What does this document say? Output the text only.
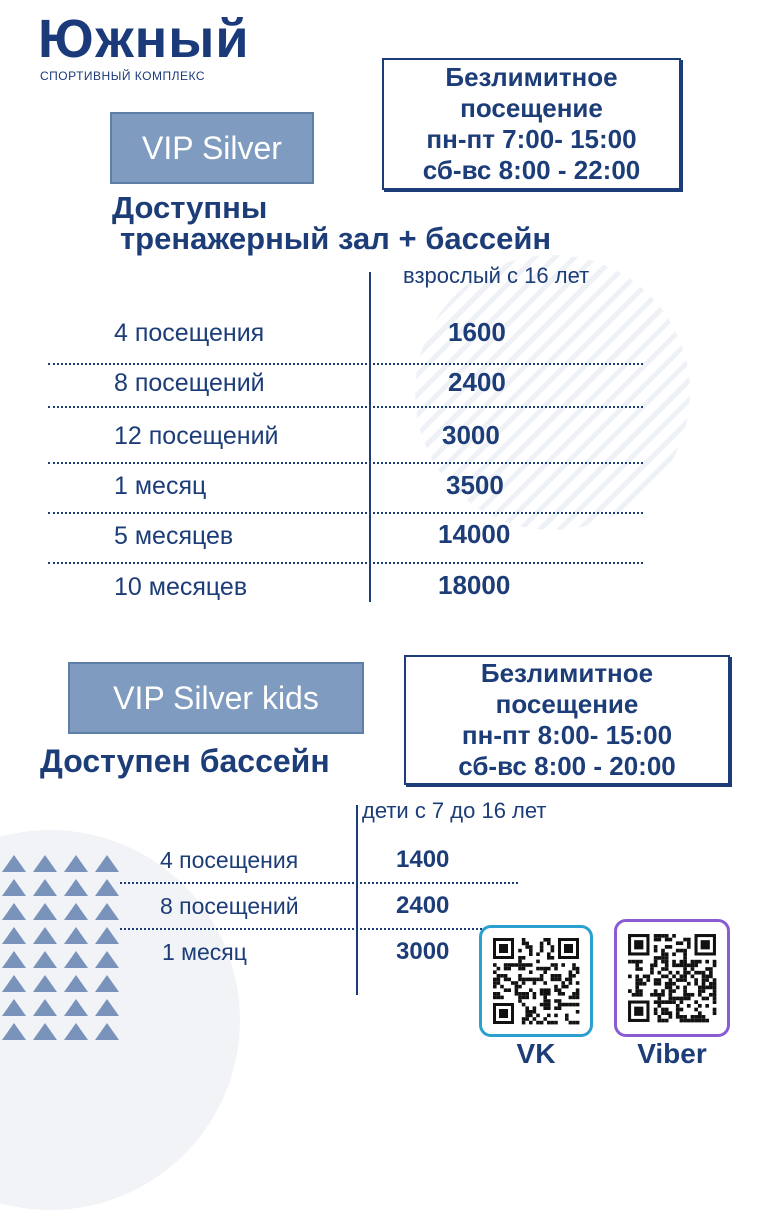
Южный
СПОРТИВНЫЙ КОМПЛЕКС
VIP Silver
Безлимитное
посещение
пн-пт 7:00- 15:00
сб-вс 8:00 - 22:00
Доступны
тренажерный зал + бассейн
взрослый с 16 лет
4 посещения	1600
8 посещений	2400
12 посещений	3000
1 месяц	3500
5 месяцев	14000
10 месяцев	18000
VIP Silver kids
Безлимитное
посещение
пн-пт 8:00- 15:00
сб-вс 8:00 - 20:00
Доступен бассейн
дети с 7 до 16 лет
4 посещения	1400
8 посещений	2400
1 месяц	3000
VK	Viber
